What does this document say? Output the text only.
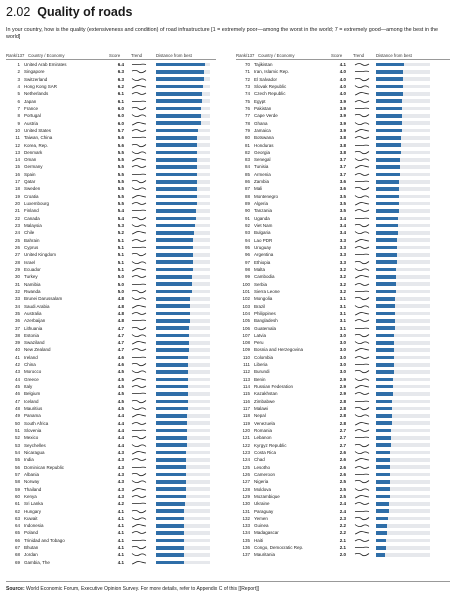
2.02 Quality of roads
In your country, how is the quality (extensiveness and condition) of road infrastructure [1 = extremely poor—among the worst in the world; 7 = extremely good—among the best in the world]
Rank/137 Country / Economy	Score	Trend	Distance from best	Rank/137 Country / Economy	Score	Trend	Distance from best
1 United Arab Emirates	6.4
2 Singapore	6.3
3 Switzerland	6.3
4 Hong Kong SAR	6.2
5 Netherlands	6.1
6 Japan	6.1
7 France	6.0
8 Portugal	6.0
9 Austria	6.0
10 United States	5.7
11 Taiwan, China	5.6
12 Korea, Rep.	5.6
13 Denmark	5.5
14 Oman	5.5
15 Germany	5.5
16 Spain	5.5
17 Qatar	5.5
18 Sweden	5.5
19 Croatia	5.5
20 Luxembourg	5.5
21 Finland	5.4
22 Canada	5.4
23 Malaysia	5.3
24 Chile	5.2
25 Bahrain	5.1
26 Cyprus	5.1
27 United Kingdom	5.1
28 Israel	5.1
29 Ecuador	5.1
30 Turkey	5.0
31 Namibia	5.0
32 Rwanda	5.0
33 Brunei Darussalam	4.8
34 Saudi Arabia	4.8
35 Australia	4.8
36 Azerbaijan	4.8
37 Lithuania	4.7
38 Estonia	4.7
39 Swaziland	4.7
40 New Zealand	4.7
41 Ireland	4.6
42 China	4.6
43 Morocco	4.5
44 Greece	4.5
45 Italy	4.5
46 Belgium	4.5
47 Iceland	4.5
48 Mauritius	4.5
49 Panama	4.4
50 South Africa	4.4
51 Slovenia	4.4
52 Mexico	4.4
53 Seychelles	4.4
54 Nicaragua	4.3
55 India	4.3
56 Dominican Republic	4.3
57 Albania	4.3
58 Norway	4.3
59 Thailand	4.3
60 Kenya	4.3
61 Sri Lanka	4.2
62 Hungary	4.1
63 Kuwait	4.1
64 Indonesia	4.1
65 Poland	4.1
66 Trinidad and Tobago	4.1
67 Bhutan	4.1
68 Jordan	4.1
69 Gambia, The	4.1
70 Tajikistan	4.1
71 Iran, Islamic Rep.	4.0
72 El Salvador	4.0
73 Slovak Republic	4.0
74 Czech Republic	4.0
75 Egypt	3.9
76 Pakistan	3.9
77 Cape Verde	3.9
78 Ghana	3.9
79 Jamaica	3.9
80 Botswana	3.8
81 Honduras	3.8
82 Georgia	3.8
83 Senegal	3.7
84 Tunisia	3.7
85 Armenia	3.7
86 Zambia	3.6
87 Mali	3.6
88 Montenegro	3.5
89 Algeria	3.5
90 Tanzania	3.5
91 Uganda	3.4
92 Viet Nam	3.4
93 Bulgaria	3.4
94 Lao PDR	3.3
95 Uruguay	3.3
96 Argentina	3.3
97 Ethiopia	3.3
98 Malta	3.2
99 Cambodia	3.2
100 Serbia	3.2
101 Sierra Leone	3.2
102 Mongolia	3.1
103 Brazil	3.1
104 Philippines	3.1
105 Bangladesh	3.1
106 Guatemala	3.1
107 Latvia	3.0
108 Peru	3.0
109 Bosnia and Herzegovina	3.0
110 Colombia	3.0
111 Liberia	3.0
112 Burundi	3.0
113 Benin	2.9
114 Russian Federation	2.9
115 Kazakhstan	2.9
116 Zimbabwe	2.8
117 Malawi	2.8
118 Nepal	2.8
119 Venezuela	2.8
120 Romania	2.7
121 Lebanon	2.7
122 Kyrgyz Republic	2.7
123 Costa Rica	2.6
124 Chad	2.6
125 Lesotho	2.6
126 Cameroon	2.6
127 Nigeria	2.5
128 Moldova	2.5
129 Mozambique	2.5
130 Ukraine	2.4
131 Paraguay	2.4
132 Yemen	2.3
133 Guinea	2.2
134 Madagascar	2.2
135 Haiti	2.1
136 Congo, Democratic Rep.	2.1
137 Mauritania	2.0
Source: World Economic Forum, Executive Opinion Survey. For more details, refer to Appendix C of this [[Report]]
